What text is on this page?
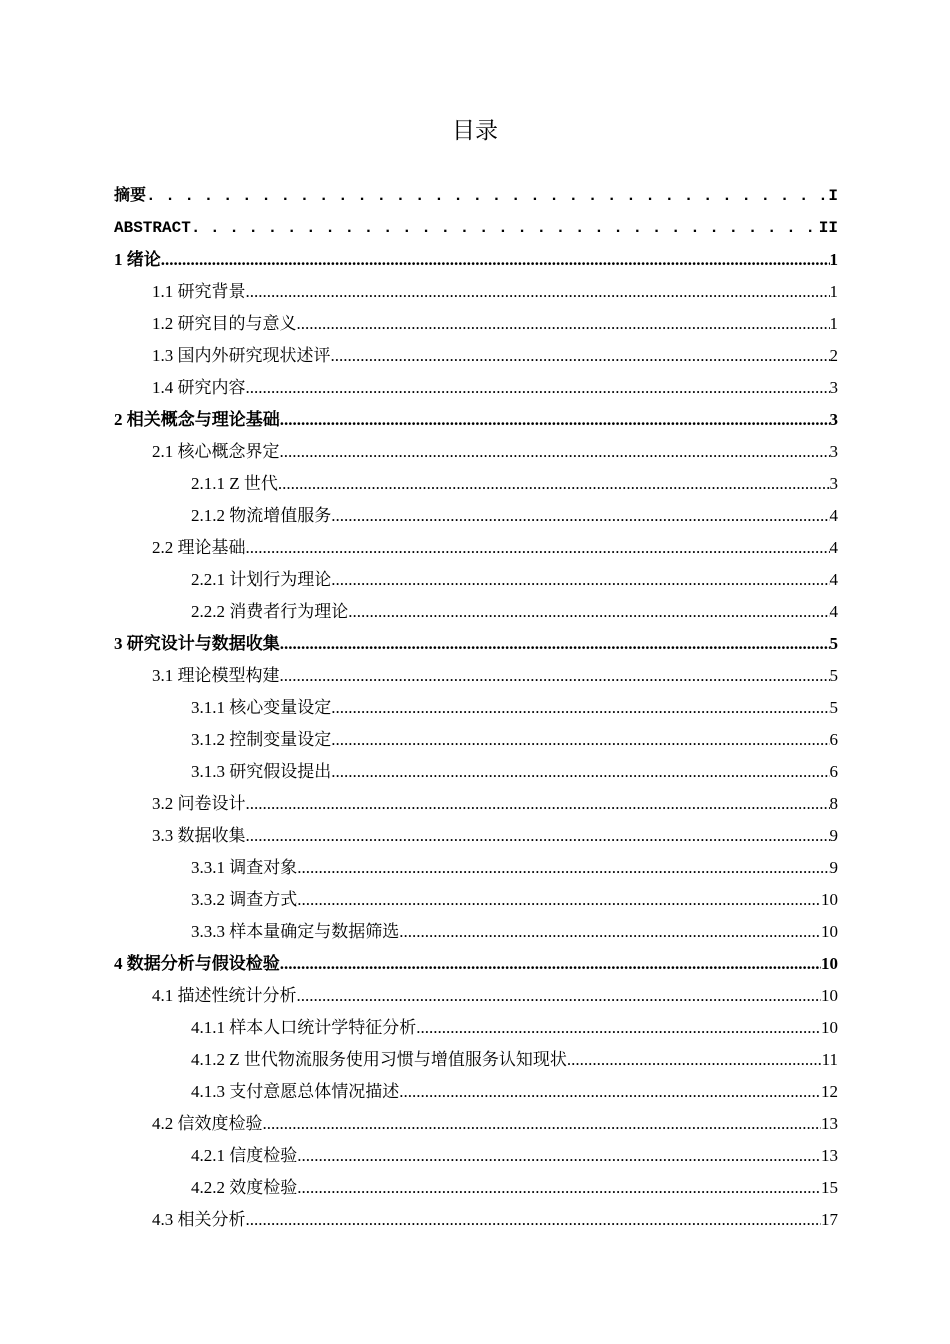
目录
摘要 . . .	I
ABSTRACT . . .	II
1 绪论 .....	1
1.1 研究背景 .....	1
1.2 研究目的与意义 .....	1
1.3 国内外研究现状述评 .....	2
1.4 研究内容 .....	3
2 相关概念与理论基础 .....	3
2.1 核心概念界定 .....	3
2.1.1 Z 世代 .....	3
2.1.2 物流增值服务 .....	4
2.2 理论基础 .....	4
2.2.1 计划行为理论 .....	4
2.2.2 消费者行为理论 .....	4
3 研究设计与数据收集 .....	5
3.1 理论模型构建 .....	5
3.1.1 核心变量设定 .....	5
3.1.2 控制变量设定 .....	6
3.1.3 研究假设提出 .....	6
3.2 问卷设计 .....	8
3.3 数据收集 .....	9
3.3.1 调查对象 .....	9
3.3.2 调查方式 .....	10
3.3.3 样本量确定与数据筛选 .....	10
4 数据分析与假设检验 .....	10
4.1 描述性统计分析 .....	10
4.1.1 样本人口统计学特征分析 .....	10
4.1.2 Z 世代物流服务使用习惯与增值服务认知现状 .....	11
4.1.3 支付意愿总体情况描述 .....	12
4.2 信效度检验 .....	13
4.2.1 信度检验 .....	13
4.2.2 效度检验 .....	15
4.3 相关分析 .....	17
